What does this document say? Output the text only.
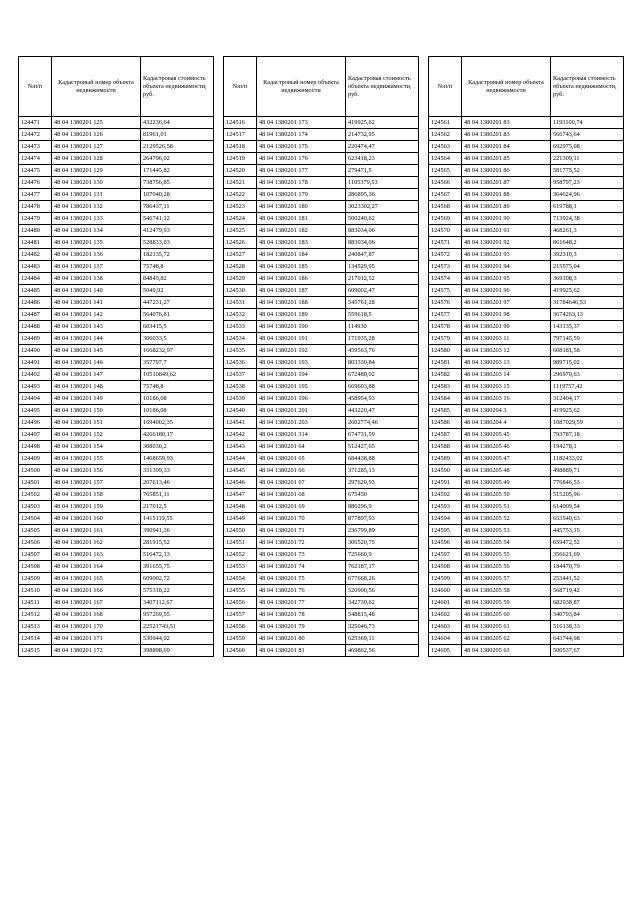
№п/п	Кадастровый номер объекта недвижимости	Кадастровая стоимость объекта недвижимости, руб.
124471	48 04 1380201 125	432236,64
124472	48 04 1380201 126	81961,01
124473	48 04 1380201 127	2129526,58
124474	48 04 1380201 128	264796,02
124475	48 04 1380201 129	171445,82
124476	48 04 1380201 130	738756,85
124477	48 04 1380201 131	107040,28
124478	48 04 1380201 132	786437,11
124479	48 04 1380201 133	546741,12
124480	48 04 1380201 134	412479,93
124481	48 04 1380201 135	528833,03
124482	48 04 1380201 136	182135,72
124483	48 04 1380201 137	75748,8
124484	48 04 1380201 138	84845,82
124485	48 04 1380201 140	5049,92
124486	48 04 1380201 141	447231,27
124487	48 04 1380201 142	564076,81
124488	48 04 1380201 143	603415,5
124489	48 04 1380201 144	306033,5
124490	48 04 1380201 145	1668232,97
124491	48 04 1380201 146	357797,7
124492	48 04 1380201 147	10510849,62
124493	48 04 1380201 148	75748,8
124494	48 04 1380201 149	10186,08
124495	48 04 1380201 150	10186,08
124496	48 04 1380201 151	1694002,35
124497	48 04 1380201 152	4266180,17
124498	48 04 1380201 154	308030,2
124499	48 04 1380201 155	1468659,93
124500	48 04 1380201 156	331399,33
124501	48 04 1380201 157	207613,46
124502	48 04 1380201 158	765851,11
124503	48 04 1380201 159	217012,5
124504	48 04 1380201 160	1415119,55
124505	48 04 1380201 161	390941,36
124506	48 04 1380201 162	281915,52
124507	48 04 1380201 163	516472,13
124508	48 04 1380201 164	391655,75
124509	48 04 1380201 165	609002,72
124510	48 04 1380201 166	575318,22
124511	48 04 1380201 167	3407112,67
124512	48 04 1380201 168	957269,55
124513	48 04 1380201 170	22521743,51
124514	48 04 1380201 171	530044,02
124515	48 04 1380201 172	398898,69
№п/п	Кадастровый номер объекта недвижимости	Кадастровая стоимость объекта недвижимости, руб.
124516	48 04 1380201 173	419925,62
124517	48 04 1380201 174	214732,95
124518	48 04 1380201 175	220474,47
124519	48 04 1380201 176	623418,23
124520	48 04 1380201 177	279471,5
124521	48 04 1380201 178	1105379,53
124522	48 04 1380201 179	286895,36
124523	48 04 1380201 180	3023302,27
124524	48 04 1380201 181	500240,62
124525	48 04 1380201 182	883034,06
124526	48 04 1380201 183	883034,06
124527	48 04 1380201 184	240847,87
124528	48 04 1380201 185	134529,95
124529	48 04 1380201 186	217012,52
124530	48 04 1380201 187	609002,47
124531	48 04 1380201 188	545761,28
124532	48 04 1380201 189	559618,5
124533	48 04 1380201 190	114930
124534	48 04 1380201 191	171935,28
124535	48 04 1380201 192	459563,76
124536	48 04 1380201 193	803330,84
124537	48 04 1380201 194	672480,02
124538	48 04 1380201 195	669603,88
124539	48 04 1380201 196	458954,93
124540	48 04 1380201 201	443220,47
124541	48 04 1380201 203	2602774,46
124542	48 04 1380201 314	674731,59
124543	48 04 1380201 64	512427,65
124544	48 04 1380201 65	684438,88
124545	48 04 1380201 66	371285,13
124546	48 04 1380201 67	297620,93
124547	48 04 1380201 68	675450
124548	48 04 1380201 69	886296,9
124549	48 04 1380201 70	877897,93
124550	48 04 1380201 71	236799,89
124551	48 04 1380201 72	306520,75
124552	48 04 1380201 73	725660,9
124553	48 04 1380201 74	762187,17
124554	48 04 1380201 75	677668,26
124555	48 04 1380201 76	520900,56
124556	48 04 1380201 77	342730,62
124557	48 04 1380201 78	548815,48
124558	48 04 1380201 79	325046,73
124559	48 04 1380201 80	625369,11
124560	48 04 1380201 81	469862,56
№п/п	Кадастровый номер объекта недвижимости	Кадастровая стоимость объекта недвижимости, руб.
124561	48 04 1380201 83	1193100,74
124562	48 04 1380201 83	566743,64
124563	48 04 1380201 84	692975,08
124564	48 04 1380201 85	221309,11
124565	48 04 1380201 86	581775,52
124566	48 04 1380201 87	958797,23
124567	48 04 1380201 88	364624,96
124568	48 04 1380201 89	619788,1
124569	48 04 1380201 90	713924,38
124570	48 04 1380201 91	468261,3
124571	48 04 1380201 92	861648,2
124572	48 04 1380201 93	392310,3
124573	48 04 1380201 94	215575,04
124574	48 04 1380201 95	369108,3
124575	48 04 1380201 96	419925,62
124576	48 04 1380201 97	31784646,53
124577	48 04 1380201 98	3674263,13
124578	48 04 1380201 99	143135,37
124579	48 04 1380203 11	797145,59
124580	48 04 1380203 12	608181,58
124581	48 04 1380203 13	989715,02
124582	48 04 1380203 14	296970,63
124583	48 04 1380203 15	1119757,42
124584	48 04 1380203 16	312404,17
124585	48 04 1380204 3	419925,62
124586	48 04 1380204 4	1087029,59
124587	48 04 1380205 45	793787,18
124588	48 04 1380205 46	194278,1
124589	48 04 1380205 47	1182433,02
124590	48 04 1380205 48	498889,71
124591	48 04 1380205 49	776846,53
124592	48 04 1380205 50	515205,96
124593	48 04 1380205 51	614009,54
124594	48 04 1380205 52	653540,63
124595	48 04 1380205 53	445753,15
124596	48 04 1380205 54	659472,52
124597	48 04 1380205 55	356621,69
124598	48 04 1380205 56	184470,79
124599	48 04 1380205 57	253441,52
124600	48 04 1380205 58	568719,42
124601	48 04 1380205 59	682038,87
124602	48 04 1380205 60	340793,84
124603	48 04 1380205 61	516138,33
124604	48 04 1380205 62	643744,98
124605	48 04 1380205 63	500537,67
